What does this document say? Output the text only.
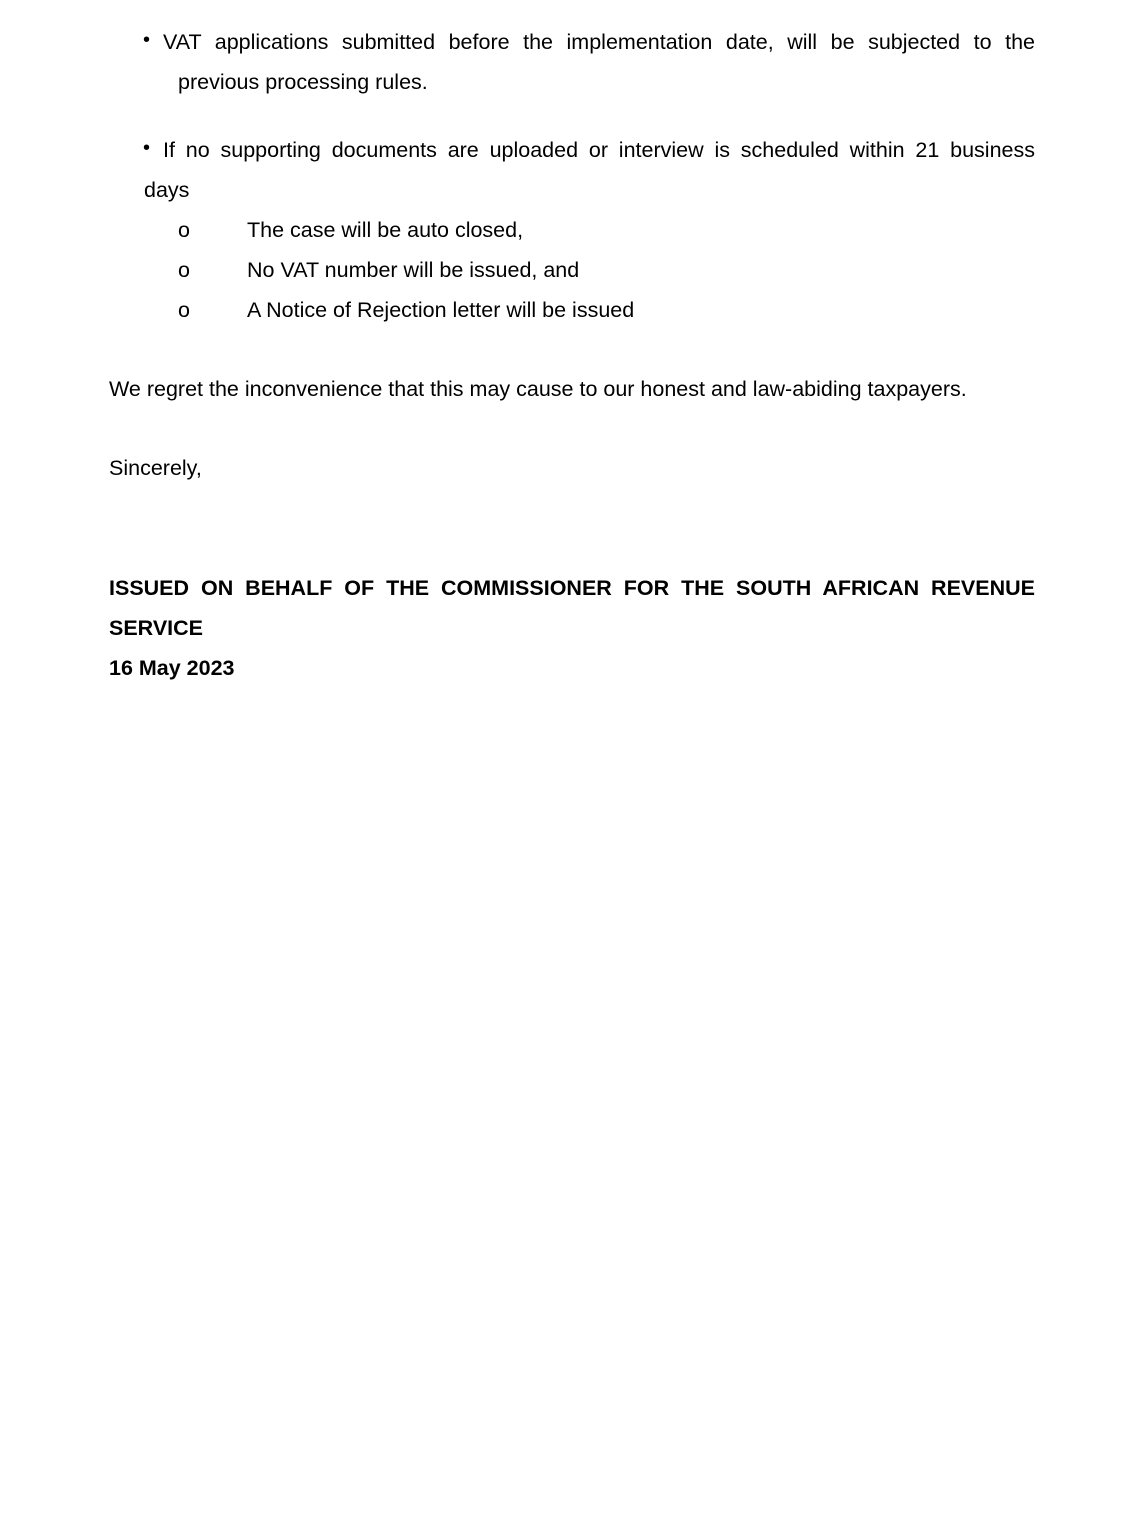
• VAT applications submitted before the implementation date, will be subjected to the
previous processing rules.
• If no supporting documents are uploaded or interview is scheduled within 21 business
days
o	The case will be auto closed,
o	No VAT number will be issued, and
o	A Notice of Rejection letter will be issued
We regret the inconvenience that this may cause to our honest and law-abiding taxpayers.
Sincerely,
ISSUED ON BEHALF OF THE COMMISSIONER FOR THE SOUTH AFRICAN REVENUE
SERVICE
16 May 2023
